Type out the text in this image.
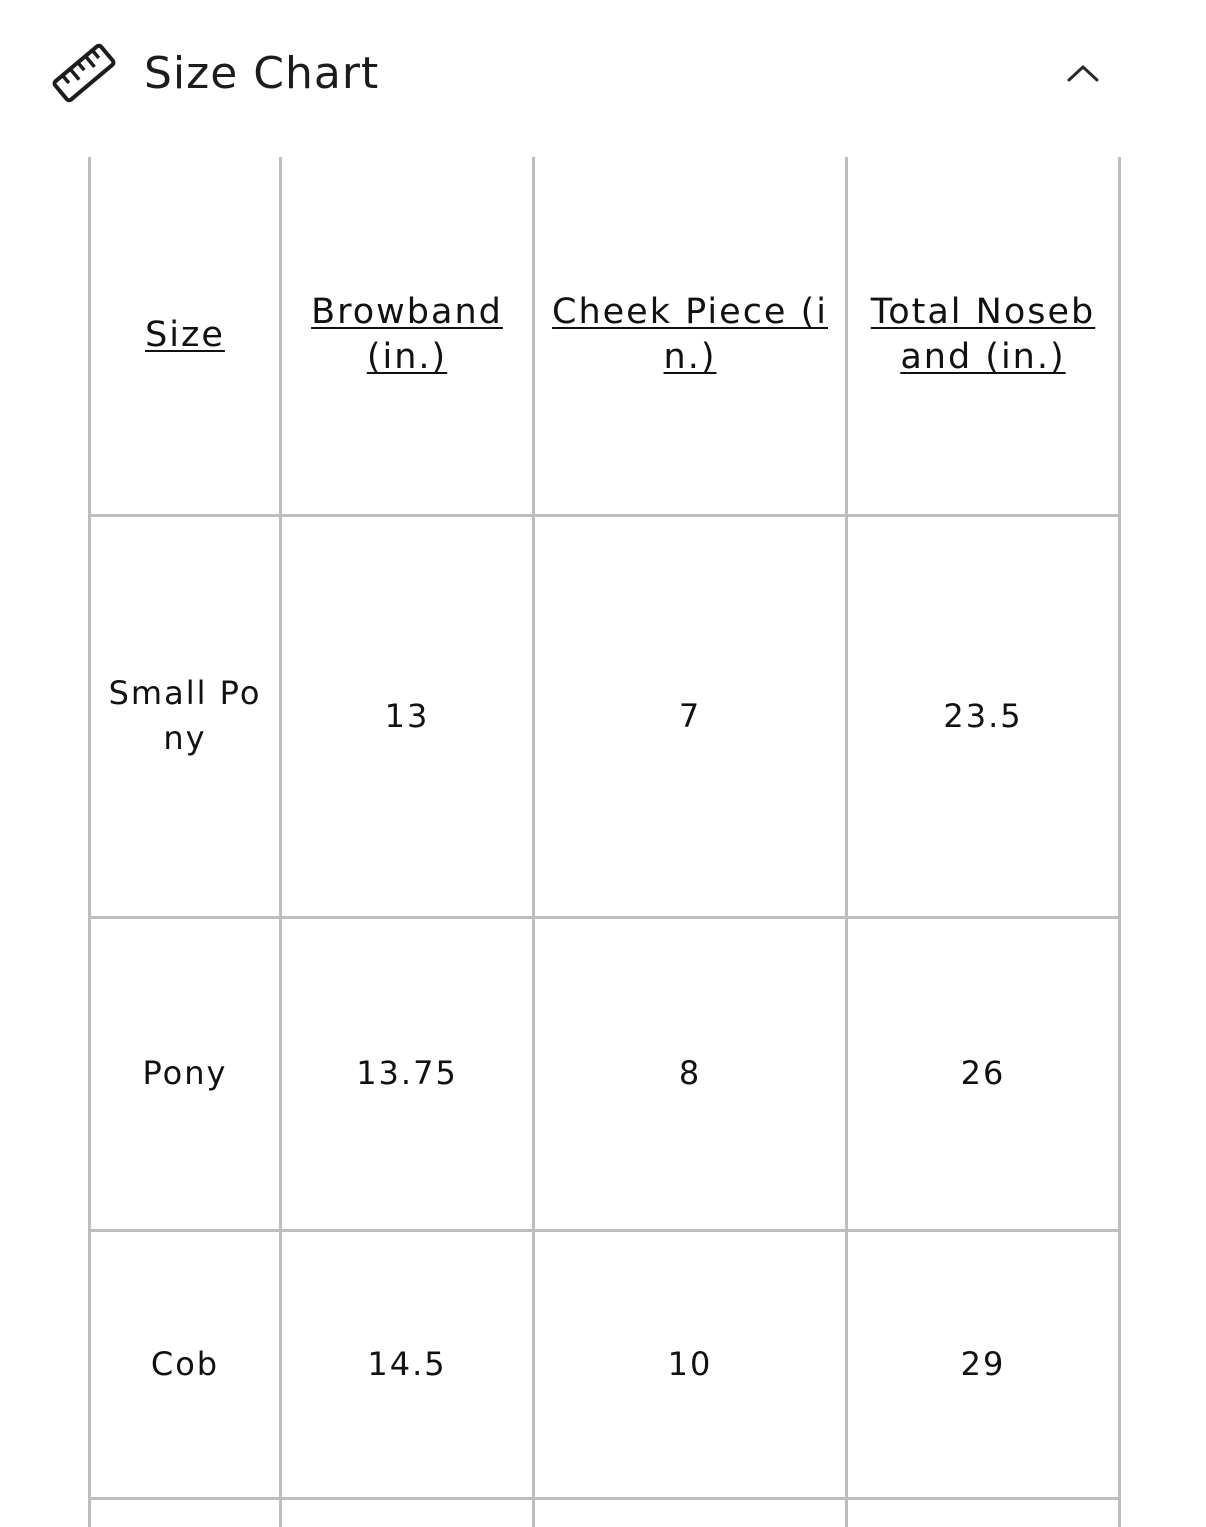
Size Chart
Size	Browband (in.)	Cheek Piece (in.)	Total Noseband (in.)
Small Pony	13	7	23.5
Pony	13.75	8	26
Cob	14.5	10	29
